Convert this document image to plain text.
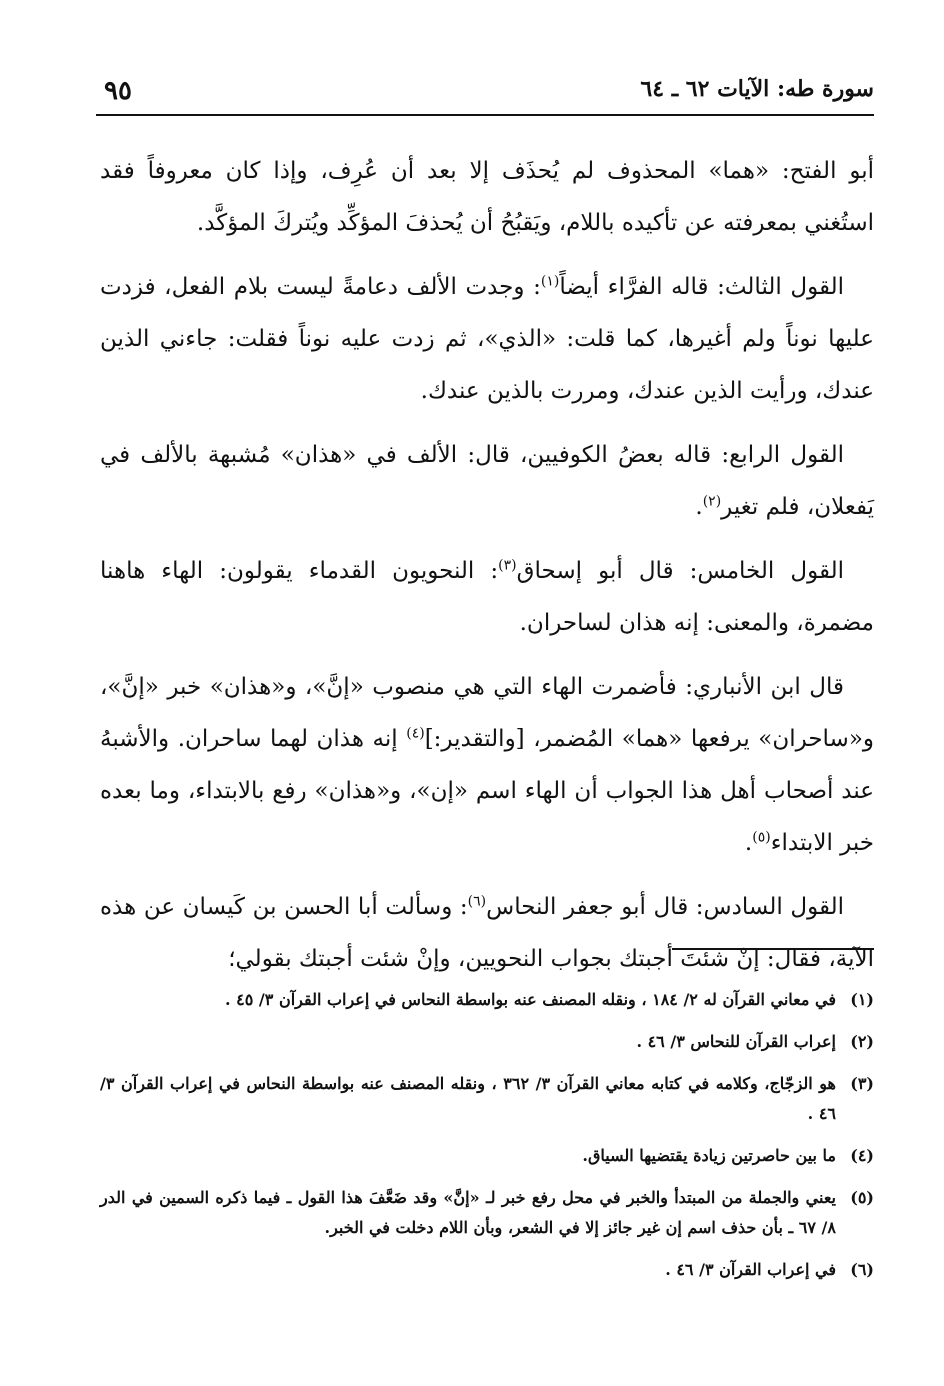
سورة طه: الآيات ٦٢ ـ ٦٤
٩٥

أبو الفتح: «هما» المحذوف لم يُحذَف إلا بعد أن عُرِف، وإذا كان معروفاً فقد استُغني بمعرفته عن تأكيده باللام، ويَقبُحُ أن يُحذفَ المؤكِّد ويُتركَ المؤكَّد.

القول الثالث: قاله الفرَّاء أيضاً$^{(١)}$: وجدت الألف دعامةً ليست بلام الفعل، فزدت عليها نوناً ولم أغيرها، كما قلت: «الذي»، ثم زدت عليه نوناً فقلت: جاءني الذين عندك، ورأيت الذين عندك، ومررت بالذين عندك.

القول الرابع: قاله بعضُ الكوفيين، قال: الألف في «هذان» مُشبهة بالألف في يَفعلان، فلم تغير$^{(٢)}$.

القول الخامس: قال أبو إسحاق$^{(٣)}$: النحويون القدماء يقولون: الهاء هاهنا مضمرة، والمعنى: إنه هذان لساحران.

قال ابن الأنباري: فأضمرت الهاء التي هي منصوب «إنَّ»، و«هذان» خبر «إنَّ»، و«ساحران» يرفعها «هما» المُضمر، [والتقدير:]$^{(٤)}$ إنه هذان لهما ساحران. والأشبهُ عند أصحاب أهل هذا الجواب أن الهاء اسم «إن»، و«هذان» رفع بالابتداء، وما بعده خبر الابتداء$^{(٥)}$.

القول السادس: قال أبو جعفر النحاس$^{(٦)}$: وسألت أبا الحسن بن كَيسان عن هذه الآية، فقال: إنْ شئتَ أجبتك بجواب النحويين، وإنْ شئت أجبتك بقولي؛

(١)
في معاني القرآن له ٢/ ١٨٤ ، ونقله المصنف عنه بواسطة النحاس في إعراب القرآن ٣/ ٤٥ .
(٢)
إعراب القرآن للنحاس ٣/ ٤٦ .
(٣)
هو الزجّاج، وكلامه في كتابه معاني القرآن ٣/ ٣٦٢ ، ونقله المصنف عنه بواسطة النحاس في إعراب القرآن ٣/ ٤٦ .
(٤)
ما بين حاصرتين زيادة يقتضيها السياق.
(٥)
يعني والجملة من المبتدأ والخبر في محل رفع خبر لـ «إنَّ» وقد ضَعَّفَ هذا القول ـ فيما ذكره السمين في الدر ٨/ ٦٧ ـ بأن حذف اسم إن غير جائز إلا في الشعر، وبأن اللام دخلت في الخبر.
(٦)
في إعراب القرآن ٣/ ٤٦ .
